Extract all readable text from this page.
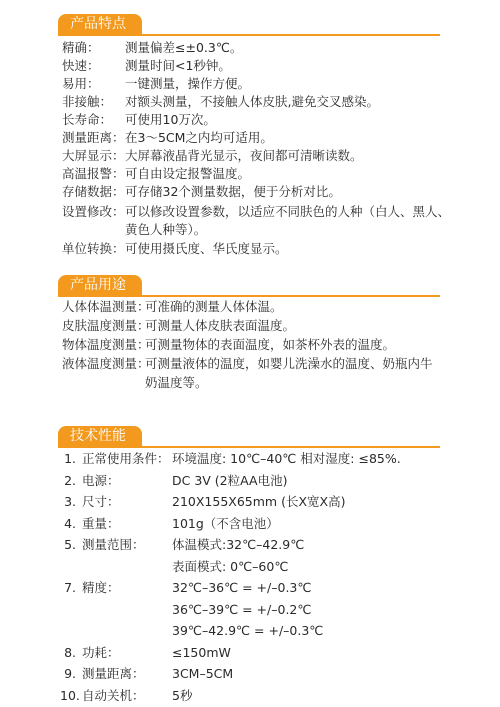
产品特点
精确： 测量偏差≤±0.3℃。
快速： 测量时间<1秒钟。
易用： 一键测量，操作方便。
非接触： 对额头测量，不接触人体皮肤,避免交叉感染。
长寿命： 可使用10万次。
测量距离： 在3～5CM之内均可适用。
大屏显示： 大屏幕液晶背光显示，夜间都可清晰读数。
高温报警： 可自由设定报警温度。
存储数据： 可存储32个测量数据，便于分析对比。
设置修改： 可以修改设置参数，以适应不同肤色的人种（白人、黑人、
黄色人种等）。
单位转换： 可使用摄氏度、华氏度显示。
产品用途
人体体温测量：
可准确的测量人体体温。
皮肤温度测量：
可测量人体皮肤表面温度。
物体温度测量：
可测量物体的表面温度，如茶杯外表的温度。
液体温度测量：
可测量液体的温度，如婴儿洗澡水的温度、奶瓶内牛
奶温度等。
技术性能
1. 正常使用条件： 环境温度: 10℃–40℃ 相对湿度: ≤85%.
2. 电源：	DC 3V (2粒AA电池)
3. 尺寸：	210X155X65mm (长X宽X高)
4. 重量：	101g（不含电池）
5. 测量范围： 体温模式:32℃–42.9℃
表面模式: 0℃–60℃
7. 精度：	32℃–36℃ = +/–0.3℃
36℃–39℃ = +/–0.2℃
39℃–42.9℃ = +/–0.3℃
8. 功耗：	≤150mW
9. 测量距离： 3CM–5CM
10. 自动关机： 5秒
